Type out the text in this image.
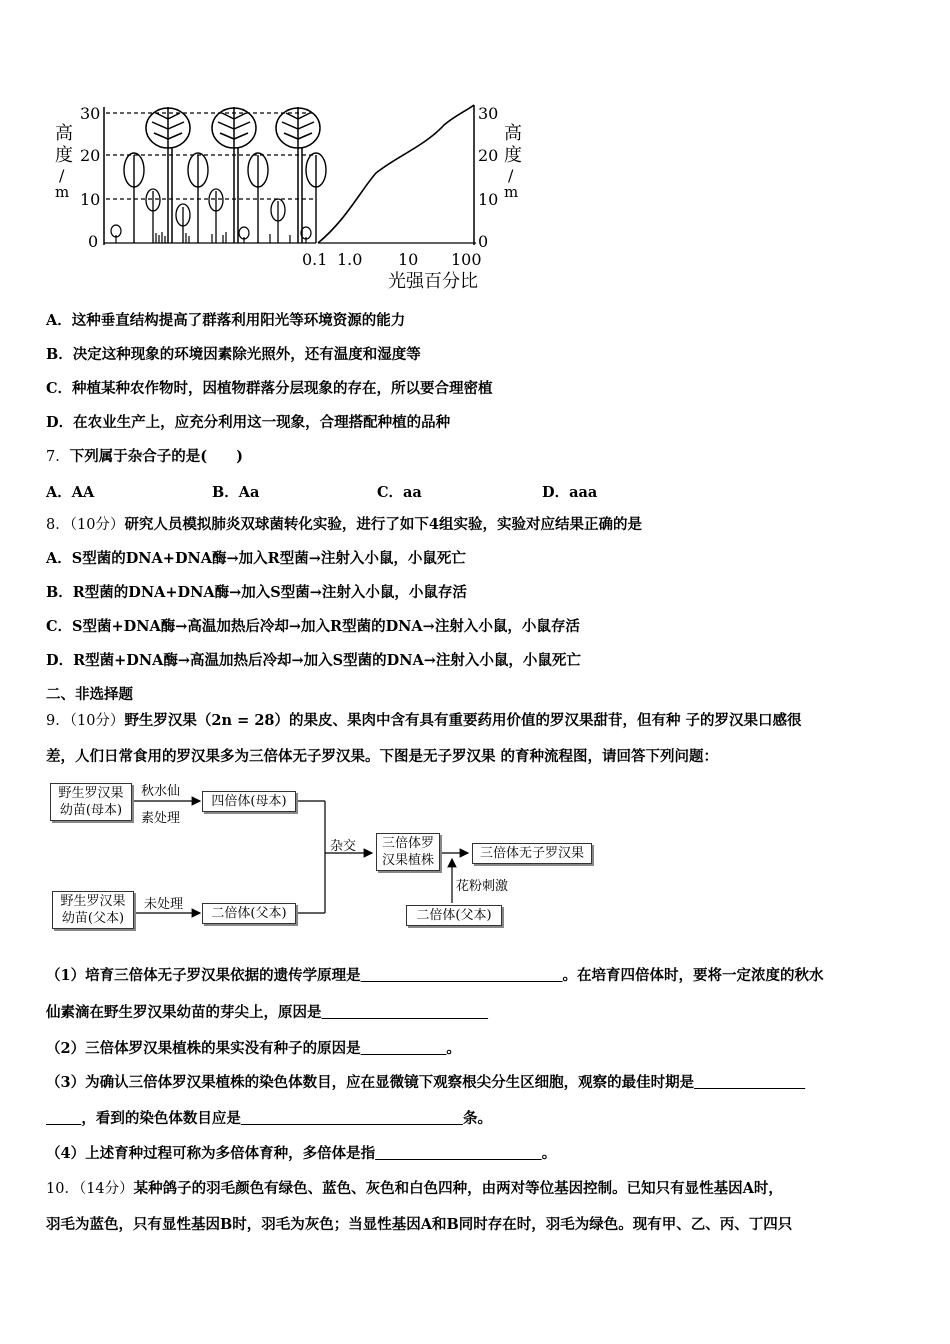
30
20
10
0
高
度
/
m
30
20
10
0
高
度
/
m
0.1 1.0 10 100
光强百分比
A．这种垂直结构提高了群落利用阳光等环境资源的能力
B．决定这种现象的环境因素除光照外，还有温度和湿度等
C．种植某种农作物时，因植物群落分层现象的存在，所以要合理密植
D．在农业生产上，应充分利用这一现象，合理搭配种植的品种
7．下列属于杂合子的是(　　)
A．AA	B．Aa	C．aa	D．aaa
8．（10分）研究人员模拟肺炎双球菌转化实验，进行了如下4组实验，实验对应结果正确的是
A．S型菌的DNA+DNA酶→加入R型菌→注射入小鼠，小鼠死亡
B．R型菌的DNA+DNA酶→加入S型菌→注射入小鼠，小鼠存活
C．S型菌+DNA酶→高温加热后冷却→加入R型菌的DNA→注射入小鼠，小鼠存活
D．R型菌+DNA酶→高温加热后冷却→加入S型菌的DNA→注射入小鼠，小鼠死亡
二、非选择题
9．（10分）野生罗汉果（2n = 28）的果皮、果肉中含有具有重要药用价值的罗汉果甜苷，但有种 子的罗汉果口感很
差，人们日常食用的罗汉果多为三倍体无子罗汉果。下图是无子罗汉果 的育种流程图，请回答下列问题：
野生罗汉果幼苗(母本)
秋水仙
素处理
四倍体(母本)
杂交	三倍体罗汉果植株	三倍体无子罗汉果
花粉刺激
野生罗汉果幼苗(父本)
未处理
二倍体(父本)	二倍体(父本)
（1）培育三倍体无子罗汉果依据的遗传学原理是	。在培育四倍体时，要将一定浓度的秋水
仙素滴在野生罗汉果幼苗的芽尖上，原因是
（2）三倍体罗汉果植株的果实没有种子的原因是	。
（3）为确认三倍体罗汉果植株的染色体数目，应在显微镜下观察根尖分生区细胞，观察的最佳时期是
，看到的染色体数目应是	条。
（4）上述育种过程可称为多倍体育种，多倍体是指	。
10．（14分）某种鸽子的羽毛颜色有绿色、蓝色、灰色和白色四种，由两对等位基因控制。已知只有显性基因A时，
羽毛为蓝色，只有显性基因B时，羽毛为灰色；当显性基因A和B同时存在时，羽毛为绿色。现有甲、乙、丙、丁四只
